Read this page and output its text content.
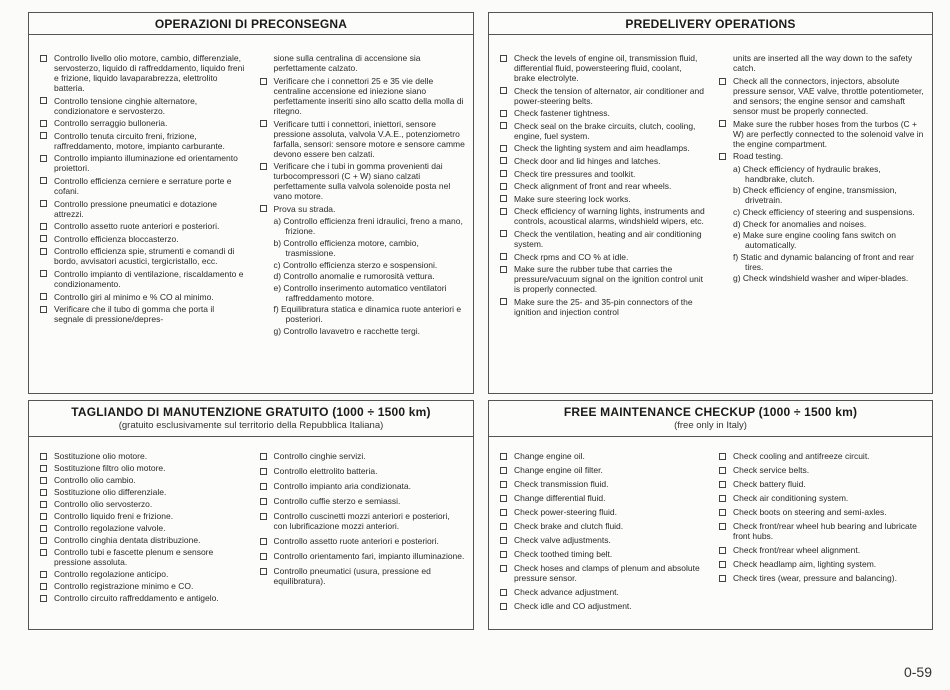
OPERAZIONI DI PRECONSEGNA
Controllo livello olio motore, cambio, differenziale, servosterzo, liquido di raffreddamento, liquido freni e frizione, liquido lavaparabrezza, elettrolito batteria.
Controllo tensione cinghie alternatore, condizionatore e servosterzo.
Controllo serraggio bulloneria.
Controllo tenuta circuito freni, frizione, raffreddamento, motore, impianto carburante.
Controllo impianto illuminazione ed orientamento proiettori.
Controllo efficienza cerniere e serrature porte e cofani.
Controllo pressione pneumatici e dotazione attrezzi.
Controllo assetto ruote anteriori e posteriori.
Controllo efficienza bloccasterzo.
Controllo efficienza spie, strumenti e comandi di bordo, avvisatori acustici, tergicristallo, ecc.
Controllo impianto di ventilazione, riscaldamento e condizionamento.
Controllo giri al minimo e % CO al minimo.
Verificare che il tubo di gomma che porta il segnale di pressione/depres-
sione sulla centralina di accensione sia perfettamente calzato.
Verificare che i connettori 25 e 35 vie delle centraline accensione ed iniezione siano perfettamente inseriti sino allo scatto della molla di ritegno.
Verificare tutti i connettori, iniettori, sensore pressione assoluta, valvola V.A.E., potenziometro farfalla, sensori: sensore motore e sensore camme devono essere ben calzati.
Verificare che i tubi in gomma provenienti dai turbocompressori (C + W) siano calzati perfettamente sulla valvola solenoide posta nel vano motore.
Prova su strada.
a) Controllo efficienza freni idraulici, freno a mano, frizione.
b) Controllo efficienza motore, cambio, trasmissione.
c) Controllo efficienza sterzo e sospensioni.
d) Controllo anomalie e rumorosità vettura.
e) Controllo inserimento automatico ventilatori raffreddamento motore.
f) Equilibratura statica e dinamica ruote anteriori e posteriori.
g) Controllo lavavetro e racchette tergi.
PREDELIVERY OPERATIONS
Check the levels of engine oil, transmission fluid, differential fluid, powersteering fluid, coolant, brake electrolyte.
Check the tension of alternator, air conditioner and power-steering belts.
Check fastener tightness.
Check seal on the brake circuits, clutch, cooling, engine, fuel system.
Check the lighting system and aim headlamps.
Check door and lid hinges and latches.
Check tire pressures and toolkit.
Check alignment of front and rear wheels.
Make sure steering lock works.
Check efficiency of warning lights, instruments and controls, acoustical alarms, windshield wipers, etc.
Check the ventilation, heating and air conditioning system.
Check rpms and CO % at idle.
Make sure the rubber tube that carries the pressure/vacuum signal on the ignition control unit is properly connected.
Make sure the 25- and 35-pin connectors of the ignition and injection control
units are inserted all the way down to the safety catch.
Check all the connectors, injectors, absolute pressure sensor, VAE valve, throttle potentiometer, and sensors; the engine sensor and camshaft sensor must be properly connected.
Make sure the rubber hoses from the turbos (C + W) are perfectly connected to the solenoid valve in the engine compartment.
Road testing.
a) Check efficiency of hydraulic brakes, handbrake, clutch.
b) Check efficiency of engine, transmission, drivetrain.
c) Check efficiency of steering and suspensions.
d) Check for anomalies and noises.
e) Make sure engine cooling fans switch on automatically.
f) Static and dynamic balancing of front and rear tires.
g) Check windshield washer and wiper-blades.
TAGLIANDO DI MANUTENZIONE GRATUITO (1000 ÷ 1500 km)
(gratuito esclusivamente sul territorio della Repubblica Italiana)
Sostituzione olio motore.
Sostituzione filtro olio motore.
Controllo olio cambio.
Sostituzione olio differenziale.
Controllo olio servosterzo.
Controllo liquido freni e frizione.
Controllo regolazione valvole.
Controllo cinghia dentata distribuzione.
Controllo tubi e fascette plenum e sensore pressione assoluta.
Controllo regolazione anticipo.
Controllo registrazione minimo e CO.
Controllo circuito raffreddamento e antigelo.
Controllo cinghie servizi.
Controllo elettrolito batteria.
Controllo impianto aria condizionata.
Controllo cuffie sterzo e semiassi.
Controllo cuscinetti mozzi anteriori e posteriori, con lubrificazione mozzi anteriori.
Controllo assetto ruote anteriori e posteriori.
Controllo orientamento fari, impianto illuminazione.
Controllo pneumatici (usura, pressione ed equilibratura).
FREE MAINTENANCE CHECKUP (1000 ÷ 1500 km)
(free only in Italy)
Change engine oil.
Change engine oil filter.
Check transmission fluid.
Change differential fluid.
Check power-steering fluid.
Check brake and clutch fluid.
Check valve adjustments.
Check toothed timing belt.
Check hoses and clamps of plenum and absolute pressure sensor.
Check advance adjustment.
Check idle and CO adjustment.
Check cooling and antifreeze circuit.
Check service belts.
Check battery fluid.
Check air conditioning system.
Check boots on steering and semi-axles.
Check front/rear wheel hub bearing and lubricate front hubs.
Check front/rear wheel alignment.
Check headlamp aim, lighting system.
Check tires (wear, pressure and balancing).
0-59
